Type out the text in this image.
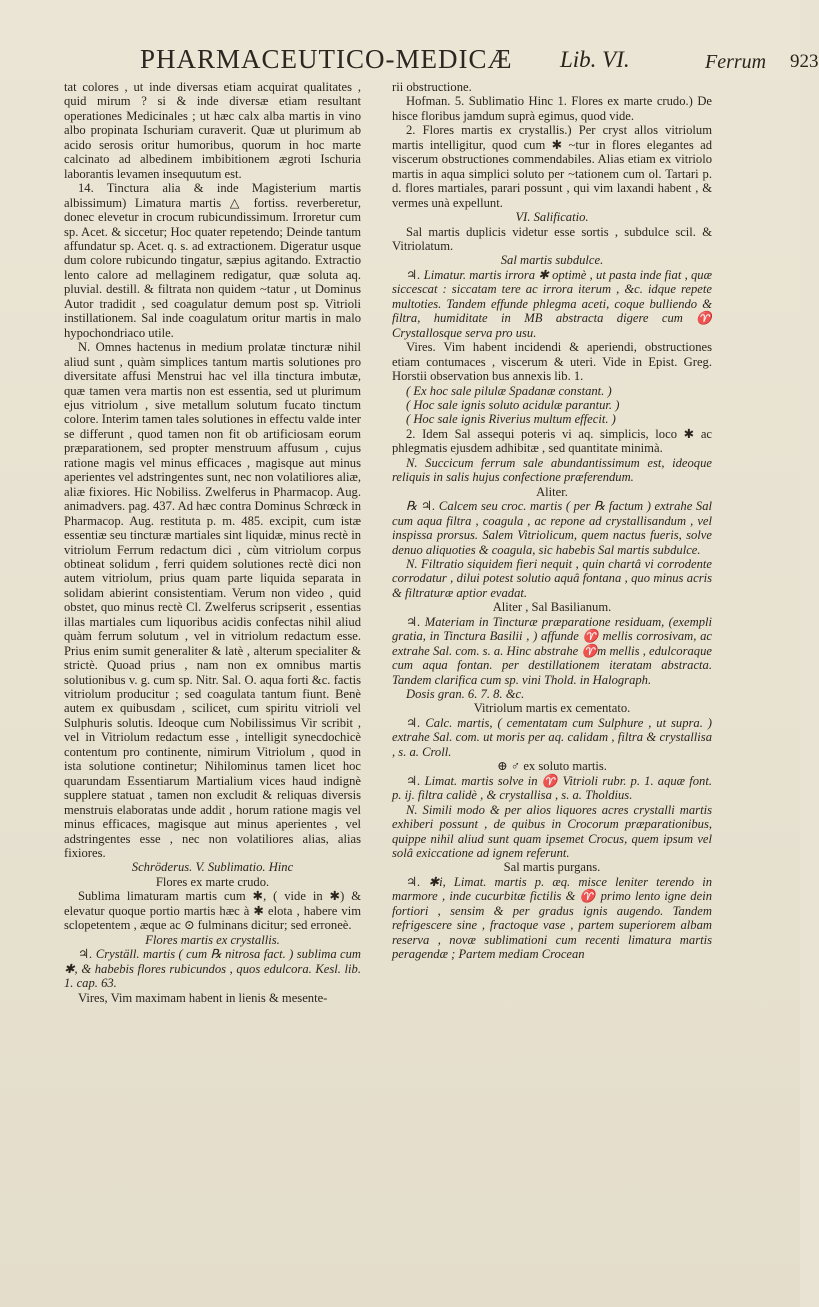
PHARMACEUTICO-MEDICÆ Lib. VI.	Ferrum 923

tat colores , ut inde diversas etiam acquirat qualitates , quid mirum ? si & inde diversæ etiam resultant operationes Medicinales ; ut hæc calx alba martis in vino albo propinata Ischuriam curaverit. Quæ ut plurimum ab acido serosis oritur humoribus, quorum in hoc marte calcinato ad albedinem imbibitionem ægroti Ischuria laborantis levamen insequutum est.

14. Tinctura alia & inde Magisterium martis albissimum) Limatura martis △ fortiss. reverberetur, donec elevetur in crocum rubicundissimum. Irroretur cum sp. Acet. & siccetur; Hoc quater repetendo; Deinde tantum affundatur sp. Acet. q. s. ad extractionem. Digeratur usque dum colore rubicundo tingatur, sæpius agitando. Extractio lento calore ad mellaginem redigatur, quæ soluta aq. pluvial. destill. & filtrata non quidem ~tatur , ut Dominus Autor tradidit , sed coagulatur demum post sp. Vitrioli instillationem. Sal inde coagulatum oritur martis in malo hypochondriaco utile.

N. Omnes hactenus in medium prolatæ tincturæ nihil aliud sunt , quàm simplices tantum martis solutiones pro diversitate affusi Menstrui hac vel illa tinctura imbutæ, quæ tamen vera martis non est essentia, sed ut plurimum ejus vitriolum , sive metallum solutum fucato tinctum colore. Interim tamen tales solutiones in effectu valde inter se differunt , quod tamen non fit ob artificiosam eorum præparationem, sed propter menstruum affusum , cujus ratione magis vel minus efficaces , magisque aut minus aperientes vel adstringentes sunt, nec non volatiliores aliæ, aliæ fixiores. Hic Nobiliss. Zwelferus in Pharmacop. Aug. animadvers. pag. 437. Ad hæc contra Dominus Schrœck in Pharmacop. Aug. restituta p. m. 485. excipit, cum istæ essentiæ seu tincturæ martiales sint liquidæ, minus rectè in vitriolum Ferrum redactum dici , cùm vitriolum corpus obtineat solidum , ferri quidem solutiones rectè dici non autem vitriolum, prius quam parte liquida separata in solidam abierint consistentiam. Verum non video , quid obstet, quo minus rectè Cl. Zwelferus scripserit , essentias illas martiales cum liquoribus acidis confectas nihil aliud quàm ferrum solutum , vel in vitriolum redactum esse. Prius enim sumit generaliter & latè , alterum specialiter & strictè. Quoad prius , nam non ex omnibus martis solutionibus v. g. cum sp. Nitr. Sal. O. aqua forti &c. factis vitriolum producitur ; sed coagulata tantum fiunt. Benè autem ex quibusdam , scilicet, cum spiritu vitrioli vel Sulphuris solutis. Ideoque cum Nobilissimus Vir scribit , vel in Vitriolum redactum esse , intelligit synecdochicè contentum pro continente, nimirum Vitriolum , quod in ista solutione continetur; Nihilominus tamen licet hoc quarundam Essentiarum Martialium vices haud indignè supplere statuat , tamen non excludit & reliquas diversis menstruis elaboratas unde addit , horum ratione magis vel minus efficaces, magisque aut minus aperientes , vel adstringentes esse , nec non volatiliores alias, alias fixiores.

Schröderus. V. Sublimatio. Hinc

Flores ex marte crudo.

Sublima limaturam martis cum ✱, ( vide in ✱) & elevatur quoque portio martis hæc à ✱ elota , habere vim sclopetentem , æque ac ⊙ fulminans dicitur; sed erroneè.

Flores martis ex crystallis.

♃. Cryställ. martis ( cum ℞ nitrosa fact. ) sublima cum ✱, & habebis flores rubicundos , quos edulcora. Kesl. lib. 1. cap. 63.

Vires, Vim maximam habent in lienis & mesente-

rii obstructione.

Hofman. 5. Sublimatio Hinc 1. Flores ex marte crudo.) De hisce floribus jamdum suprà egimus, quod vide.

2. Flores martis ex crystallis.) Per cryst allos vitriolum martis intelligitur, quod cum ✱ ~tur in flores elegantes ad viscerum obstructiones commendabiles. Alias etiam ex vitriolo martis in aqua simplici soluto per ~tationem cum ol. Tartari p. d. flores martiales, parari possunt , qui vim laxandi habent , & vermes unà expellunt.

VI. Salificatio.

Sal martis duplicis videtur esse sortis , subdulce scil. & Vitriolatum.

Sal martis subdulce.

♃. Limatur. martis irrora ✱ optimè , ut pasta inde fiat , quæ siccescat : siccatam tere ac irrora iterum , &c. idque repete multoties. Tandem effunde phlegma aceti, coque bulliendo & filtra, humiditate in MB abstracta digere cum ♈ Crystallosque serva pro usu.

Vires. Vim habent incidendi & aperiendi, obstructiones etiam contumaces , viscerum & uteri. Vide in Epist. Greg. Horstii observation bus annexis lib. 1.

( Ex hoc sale pilulæ Spadanæ constant. )

( Hoc sale ignis soluto acidulæ parantur. )

( Hoc sale ignis Riverius multum effecit. )

2. Idem Sal assequi poteris vi aq. simplicis, loco ✱ ac phlegmatis ejusdem adhibitæ , sed quantitate minimà.

N. Succicum ferrum sale abundantissimum est, ideoque reliquis in salis hujus confectione præferendum.

Aliter.

℞ ♃. Calcem seu croc. martis ( per ℞ factum ) extrahe Sal cum aqua filtra , coagula , ac repone ad crystallisandum , vel inspissa prorsus. Salem Vitriolicum, quem nactus fueris, solve denuo aliquoties & coagula, sic habebis Sal martis subdulce.

N. Filtratio siquidem fieri nequit , quin chartâ vi corrodente corrodatur , dilui potest solutio aquâ fontana , quo minus acris & filtraturæ aptior evadat.

Aliter , Sal Basilianum.

♃. Materiam in Tincturæ præparatione residuam, (exempli gratia, in Tinctura Basilii , ) affunde ♈ mellis corrosivam, ac extrahe Sal. com. s. a. Hinc abstrahe ♈m mellis , edulcoraque cum aqua fontan. per destillationem iteratam abstracta. Tandem clarifica cum sp. vini Thold. in Halograph.

Dosis gran. 6. 7. 8. &c.

Vitriolum martis ex cementato.

♃. Calc. martis, ( cementatam cum Sulphure , ut supra. ) extrahe Sal. com. ut moris per aq. calidam , filtra & crystallisa , s. a. Croll.

⊕ ♂ ex soluto martis.

♃. Limat. martis solve in ♈ Vitrioli rubr. p. 1. aquæ font. p. ij. filtra calidè , & crystallisa , s. a. Tholdius.

N. Simili modo & per alios liquores acres crystalli martis exhiberi possunt , de quibus in Crocorum præparationibus, quippe nihil aliud sunt quam ipsemet Crocus, quem ipsum vel solâ exiccatione ad ignem referunt.

Sal martis purgans.

♃. ✱i, Limat. martis p. æq. misce leniter terendo in marmore , inde cucurbitæ fictilis & ♈ primo lento igne dein fortiori , sensim & per gradus ignis augendo. Tandem refrigescere sine , fractoque vase , partem superiorem albam reserva , novæ sublimationi cum recenti limatura martis peragendæ ; Partem mediam Crocean
